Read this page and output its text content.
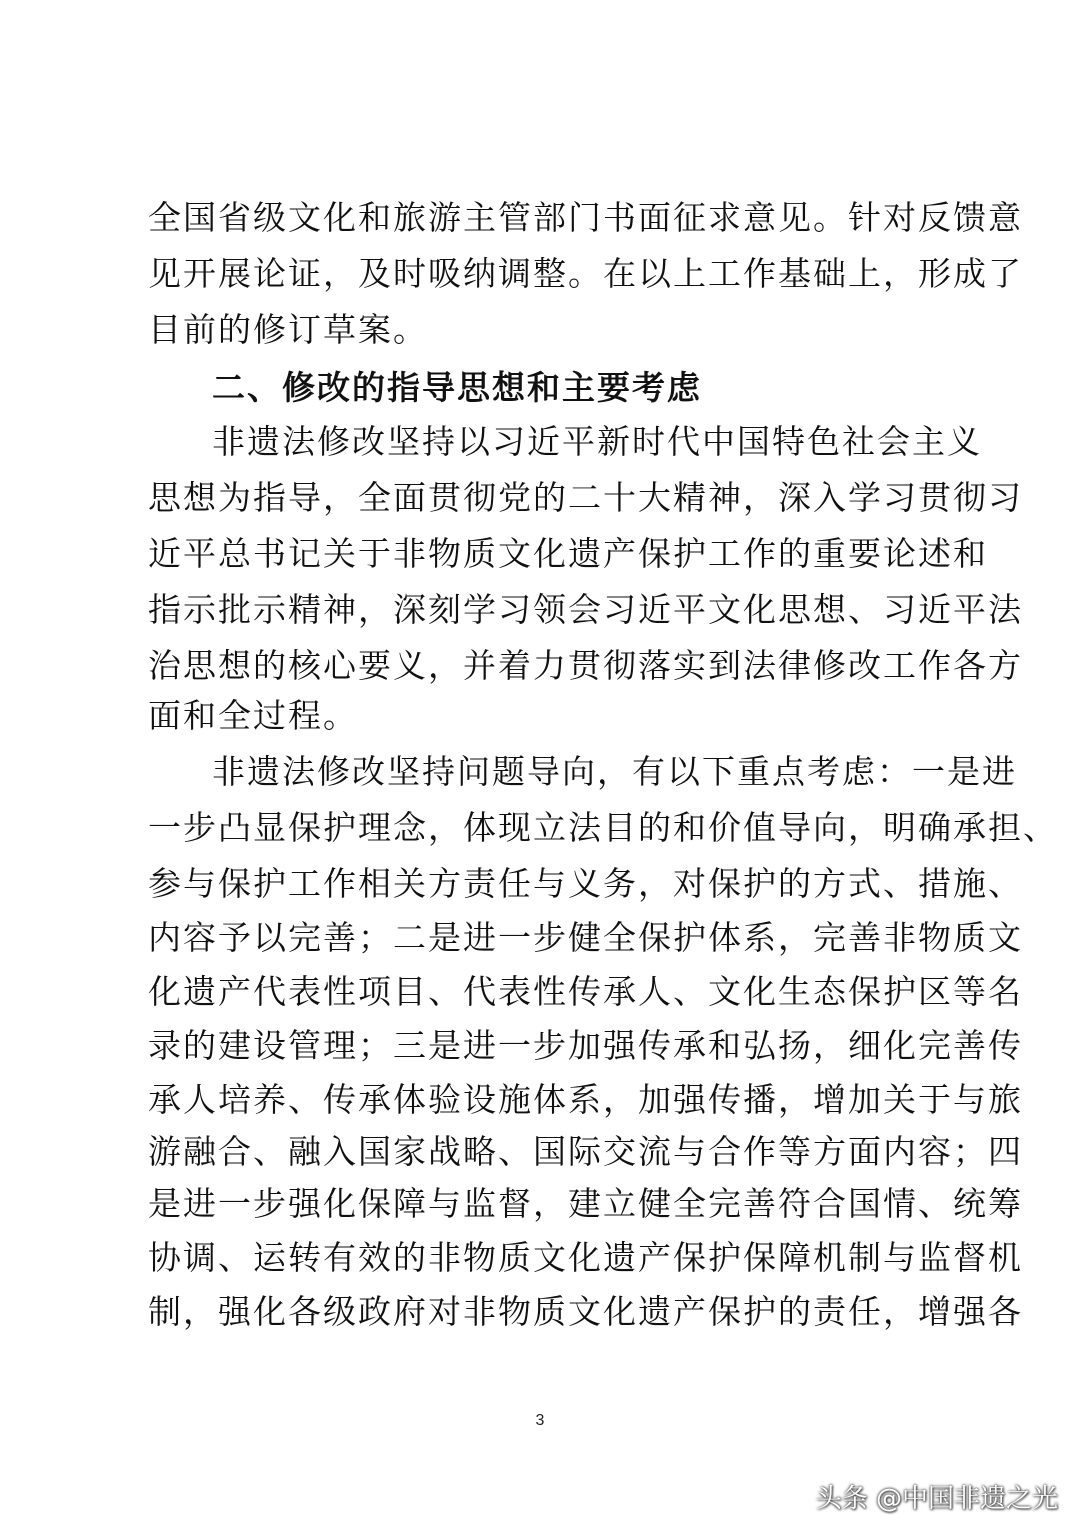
全国省级文化和旅游主管部门书面征求意见。针对反馈意
见开展论证，及时吸纳调整。在以上工作基础上，形成了
目前的修订草案。
二、修改的指导思想和主要考虑
非遗法修改坚持以习近平新时代中国特色社会主义
思想为指导，全面贯彻党的二十大精神，深入学习贯彻习
近平总书记关于非物质文化遗产保护工作的重要论述和
指示批示精神，深刻学习领会习近平文化思想、习近平法
治思想的核心要义，并着力贯彻落实到法律修改工作各方
面和全过程。
非遗法修改坚持问题导向，有以下重点考虑：一是进
一步凸显保护理念，体现立法目的和价值导向，明确承担、
参与保护工作相关方责任与义务，对保护的方式、措施、
内容予以完善；二是进一步健全保护体系，完善非物质文
化遗产代表性项目、代表性传承人、文化生态保护区等名
录的建设管理；三是进一步加强传承和弘扬，细化完善传
承人培养、传承体验设施体系，加强传播，增加关于与旅
游融合、融入国家战略、国际交流与合作等方面内容；四
是进一步强化保障与监督，建立健全完善符合国情、统筹
协调、运转有效的非物质文化遗产保护保障机制与监督机
制，强化各级政府对非物质文化遗产保护的责任，增强各
3
头条 @中国非遗之光
